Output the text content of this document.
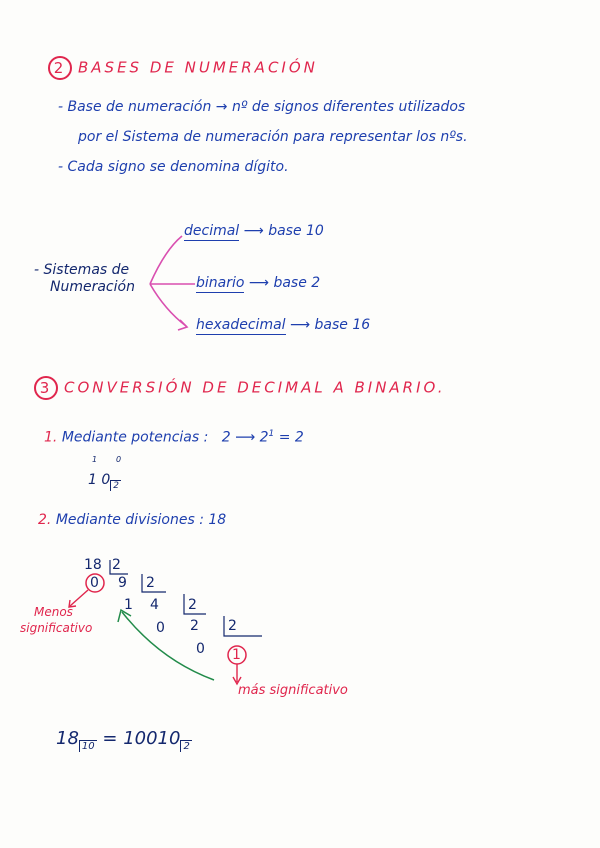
2 BASES DE NUMERACIÓN
- Base de numeración → nº de signos diferentes utilizados
por el Sistema de numeración para representar los nºs.
- Cada signo se denomina dígito.
- Sistemas de
Numeración
decimal ⟶ base 10
binario ⟶ base 2
hexadecimal ⟶ base 16
3 CONVERSIÓN DE DECIMAL A BINARIO.
1. Mediante potencias : 2 ⟶ $2^1 = 2$
1 0
1 0 $_2$
2. Mediante divisiones : 18
18 2
0 9 2
1 4 2
0 2 2
0 1
Menos
significativo
más significativo
18 $_{10}$ = 10010 $_2$
